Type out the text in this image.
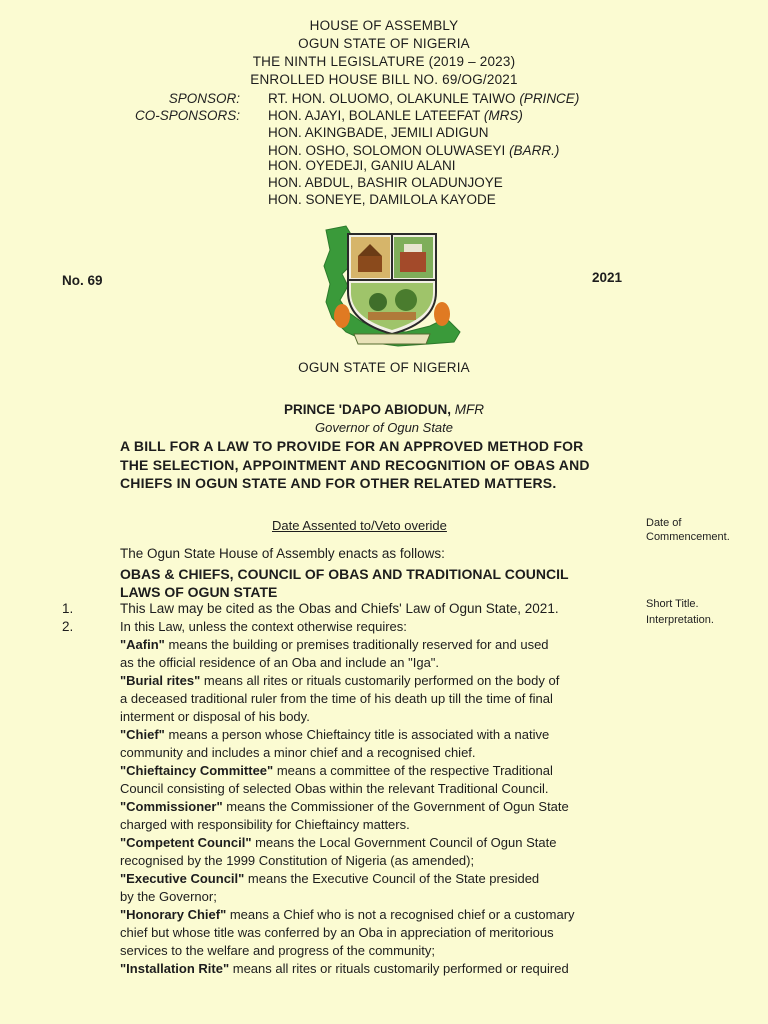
HOUSE OF ASSEMBLY
OGUN STATE OF NIGERIA
THE NINTH LEGISLATURE (2019 – 2023)
ENROLLED HOUSE BILL NO. 69/OG/2021
SPONSOR: RT. HON. OLUOMO, OLAKUNLE TAIWO (PRINCE)
CO-SPONSORS: HON. AJAYI, BOLANLE LATEEFAT (MRS)
HON. AKINGBADE, JEMILI ADIGUN
HON. OSHO, SOLOMON OLUWASEYI (BARR.)
HON. OYEDEJI, GANIU ALANI
HON. ABDUL, BASHIR OLADUNJOYE
HON. SONEYE, DAMILOLA KAYODE
No. 69	2021
OGUN STATE OF NIGERIA
PRINCE 'DAPO ABIODUN, MFR
Governor of Ogun State
A BILL FOR A LAW TO PROVIDE FOR AN APPROVED METHOD FOR
THE SELECTION, APPOINTMENT AND RECOGNITION OF OBAS AND
CHIEFS IN OGUN STATE AND FOR OTHER RELATED MATTERS.
Date Assented to/Veto overide	Date of
Commencement.
Short Title.
Interpretation.
The Ogun State House of Assembly enacts as follows:
OBAS & CHIEFS, COUNCIL OF OBAS AND TRADITIONAL COUNCIL
LAWS OF OGUN STATE
1.	This Law may be cited as the Obas and Chiefs' Law of Ogun State, 2021.
2.	In this Law, unless the context otherwise requires:
"Aafin" means the building or premises traditionally reserved for and used
as the official residence of an Oba and include an "Iga".
"Burial rites" means all rites or rituals customarily performed on the body of
a deceased traditional ruler from the time of his death up till the time of final
interment or disposal of his body.
"Chief" means a person whose Chieftaincy title is associated with a native
community and includes a minor chief and a recognised chief.
"Chieftaincy Committee" means a committee of the respective Traditional
Council consisting of selected Obas within the relevant Traditional Council.
"Commissioner" means the Commissioner of the Government of Ogun State
charged with responsibility for Chieftaincy matters.
"Competent Council" means the Local Government Council of Ogun State
recognised by the 1999 Constitution of Nigeria (as amended);
"Executive Council" means the Executive Council of the State presided
by the Governor;
"Honorary Chief" means a Chief who is not a recognised chief or a customary
chief but whose title was conferred by an Oba in appreciation of meritorious
services to the welfare and progress of the community;
"Installation Rite" means all rites or rituals customarily performed or required
